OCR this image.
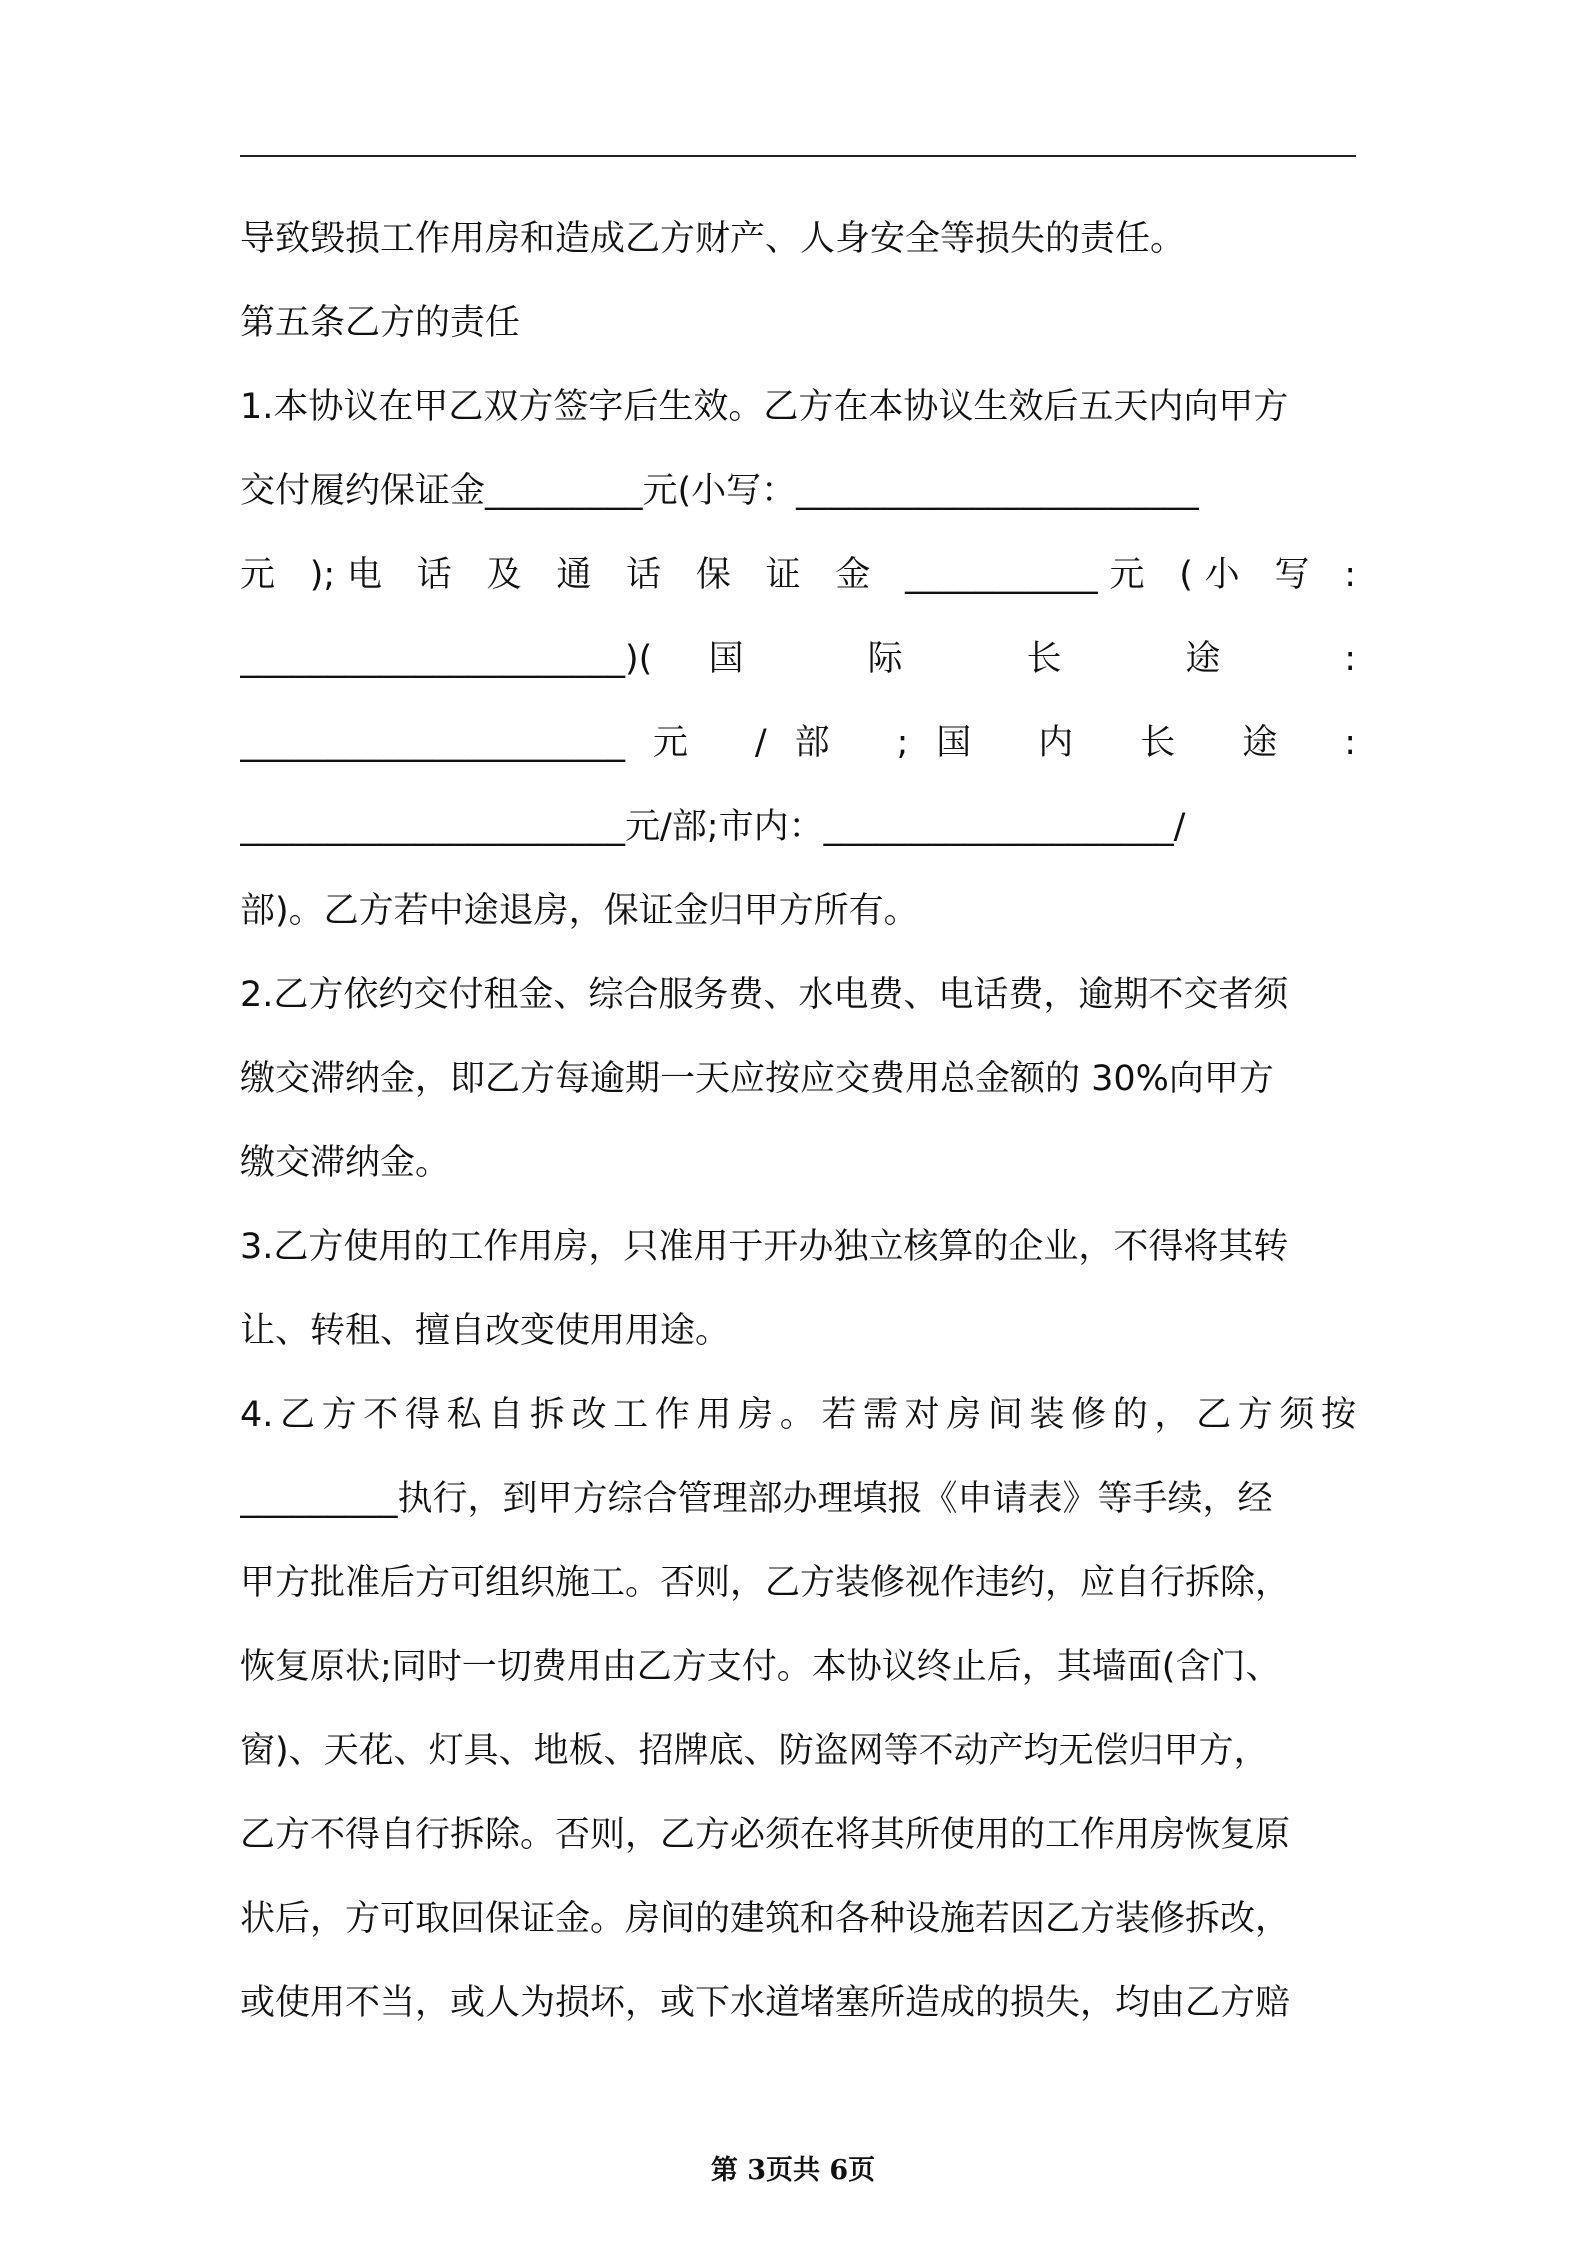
导致毁损工作用房和造成乙方财产、人身安全等损失的责任。
第五条乙方的责任
1.本协议在甲乙双方签字后生效。乙方在本协议生效后五天内向甲方
交付履约保证金_________元(小写：_______________________
元 );电 话 及 通 话 保 证 金 ___________元 (小 写 :
______________________)(国 际 长 途 :
______________________元 /部 ;国 内 长 途 :
______________________元/部;市内：____________________/
部)。乙方若中途退房，保证金归甲方所有。
2.乙方依约交付租金、综合服务费、水电费、电话费，逾期不交者须
缴交滞纳金，即乙方每逾期一天应按应交费用总金额的 30%向甲方
缴交滞纳金。
3.乙方使用的工作用房，只准用于开办独立核算的企业，不得将其转
让、转租、擅自改变使用用途。
4.乙方不得私自拆改工作用房。若需对房间装修的，乙方须按
_________执行，到甲方综合管理部办理填报《申请表》等手续，经
甲方批准后方可组织施工。否则，乙方装修视作违约，应自行拆除，
恢复原状;同时一切费用由乙方支付。本协议终止后，其墙面(含门、
窗)、天花、灯具、地板、招牌底、防盗网等不动产均无偿归甲方，
乙方不得自行拆除。否则，乙方必须在将其所使用的工作用房恢复原
状后，方可取回保证金。房间的建筑和各种设施若因乙方装修拆改，
或使用不当，或人为损坏，或下水道堵塞所造成的损失，均由乙方赔
第 3页共 6页
